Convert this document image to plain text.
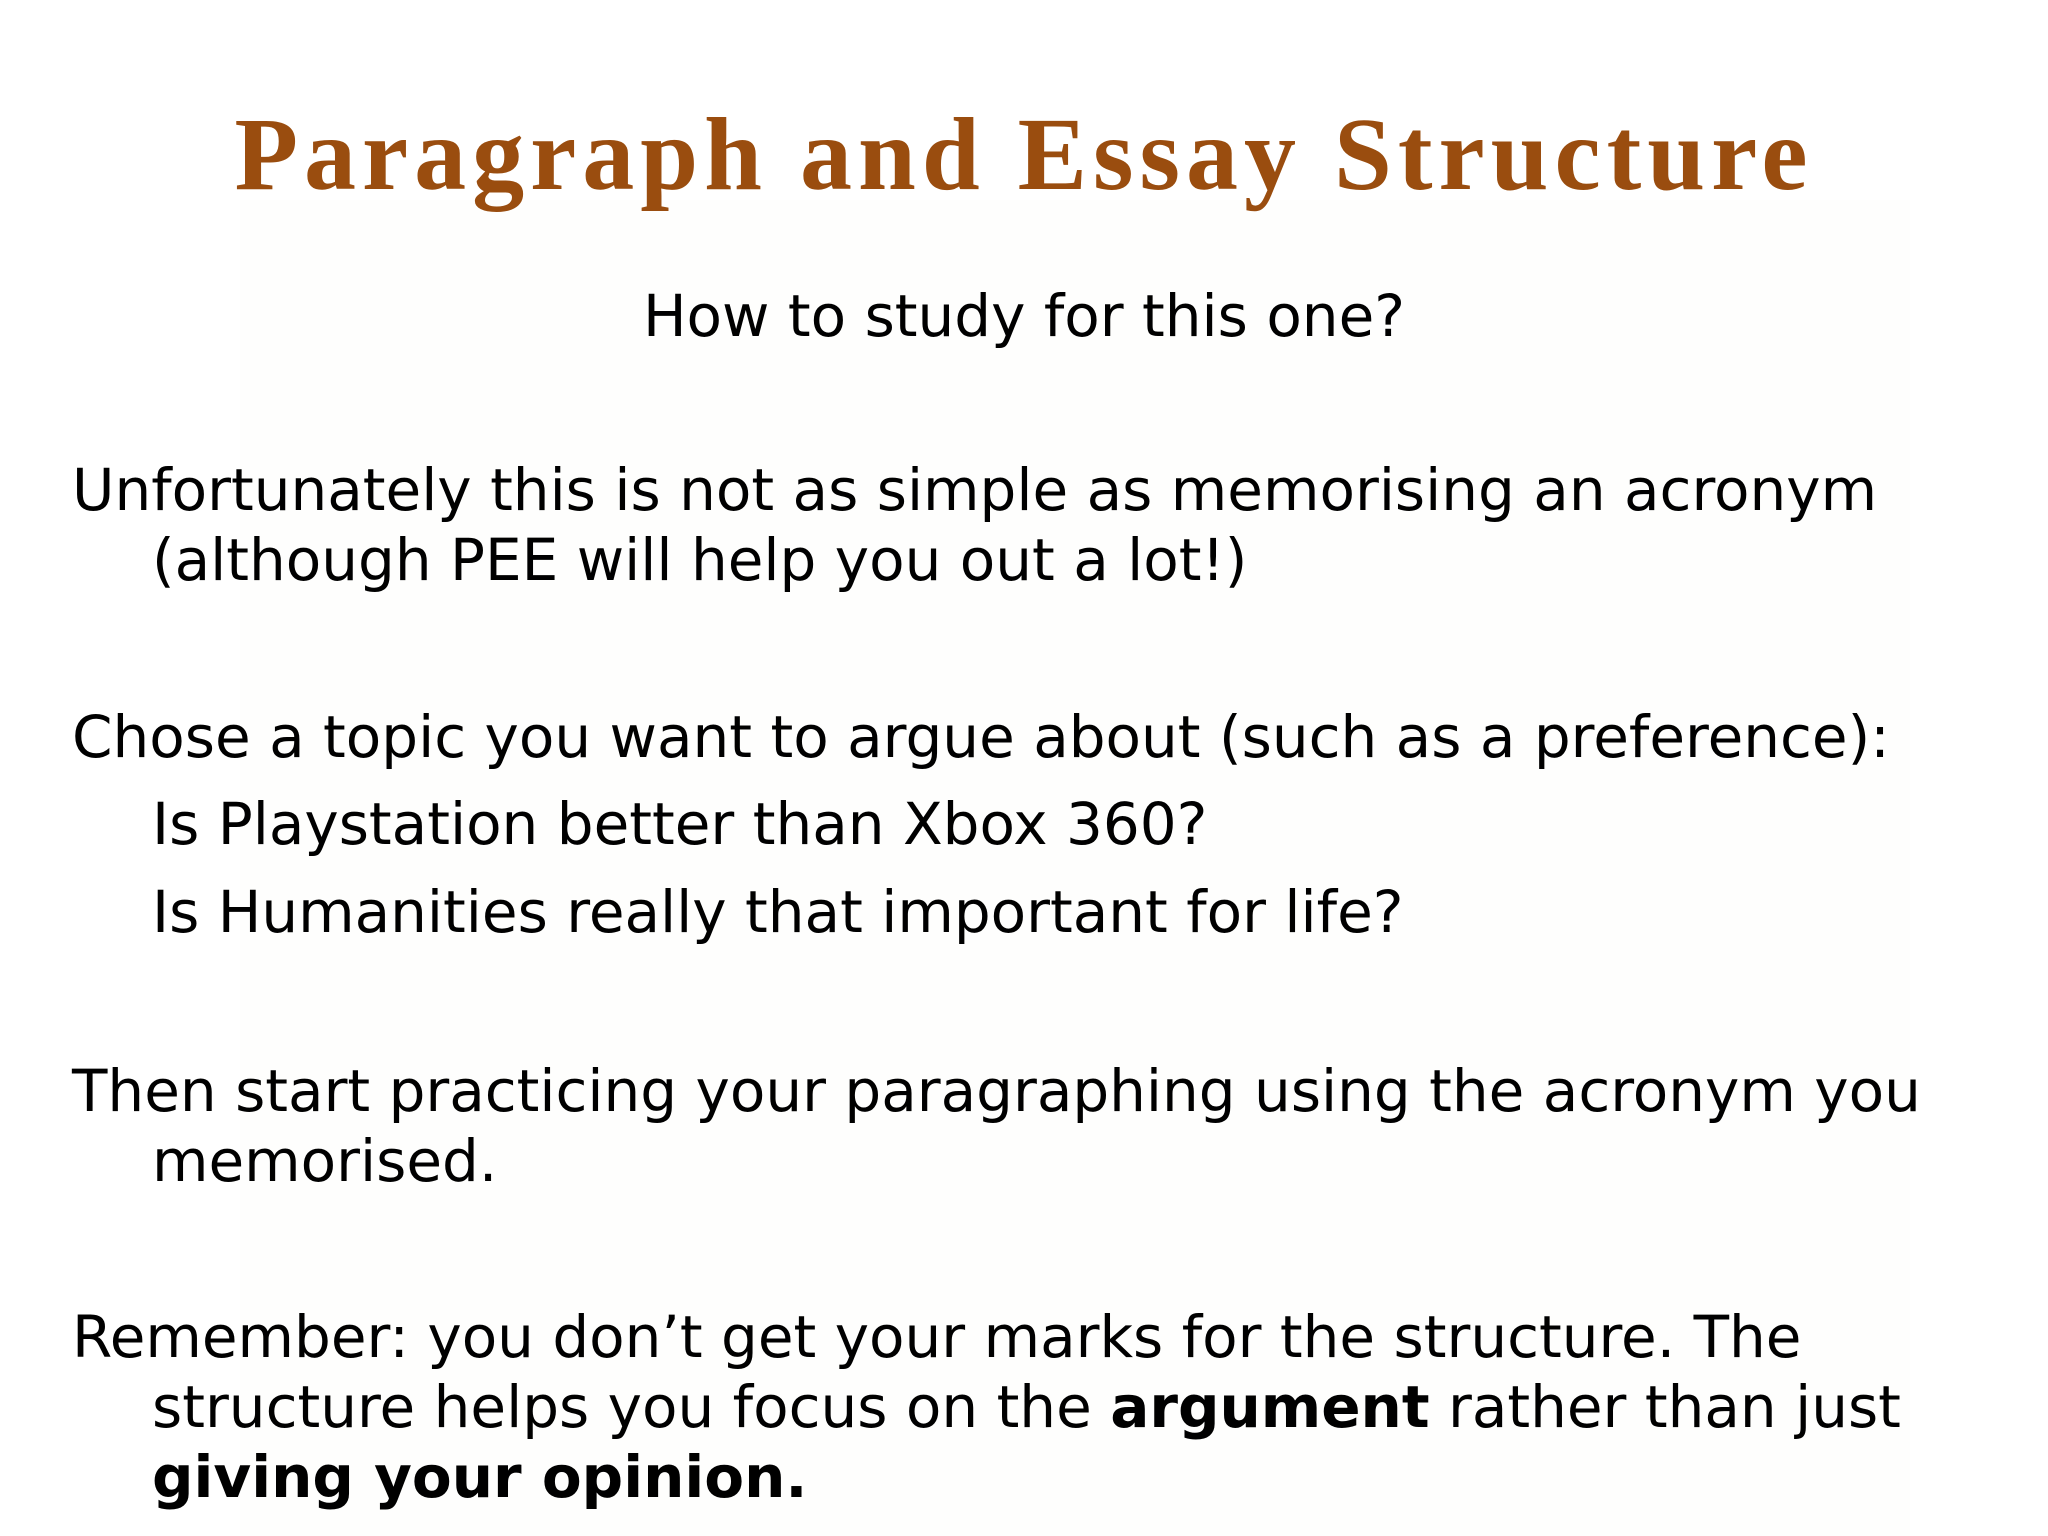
Paragraph and Essay Structure
How to study for this one?
Unfortunately this is not as simple as memorising an acronym
(although PEE will help you out a lot!)
Chose a topic you want to argue about (such as a preference):
Is Playstation better than Xbox 360?
Is Humanities really that important for life?
Then start practicing your paragraphing using the acronym you
memorised.
Remember: you don’t get your marks for the structure. The
structure helps you focus on the argument rather than just
giving your opinion.
